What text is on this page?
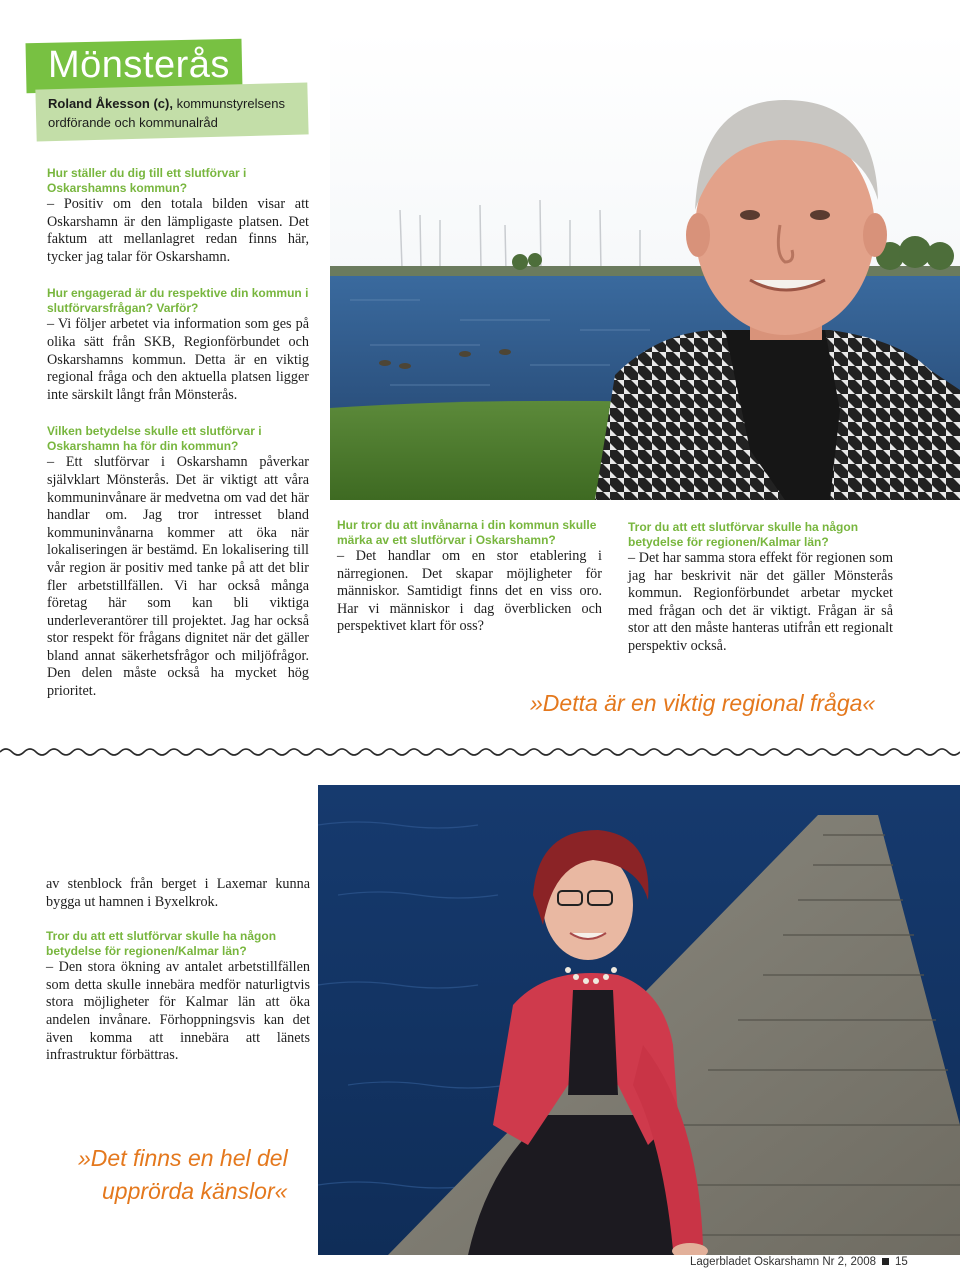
Mönsterås
Roland Åkesson (c), kommunstyrelsens
ordförande och kommunalråd

Hur ställer du dig till ett slutförvar i Oskarshamns kommun?

– Positiv om den totala bilden visar att Oskarshamn är den lämpligaste platsen. Det faktum att mellanlagret redan finns här, tycker jag talar för Oskarshamn.

Hur engagerad är du respektive din kommun i slutförvarsfrågan? Varför?

– Vi följer arbetet via information som ges på olika sätt från SKB, Regionförbundet och Oskarshamns kommun. Detta är en viktig regional fråga och den aktuella platsen ligger inte särskilt långt från Mönsterås.

Vilken betydelse skulle ett slutförvar i Oskarshamn ha för din kommun?

– Ett slutförvar i Oskarshamn påverkar självklart Mönsterås. Det är viktigt att våra kommuninvånare är medvetna om vad det här handlar om. Jag tror intresset bland kommuninvånarna kommer att öka när lokaliseringen är bestämd. En lokalisering till vår region är positiv med tanke på att det blir fler arbetstillfällen. Vi har också många företag här som kan bli viktiga underleverantörer till projektet. Jag har också stor respekt för frågans dignitet när det gäller bland annat säkerhetsfrågor och miljöfrågor. Den delen måste också ha mycket hög prioritet.

Hur tror du att invånarna i din kommun skulle märka av ett slutförvar i Oskarshamn?

– Det handlar om en stor etablering i närregionen. Det skapar möjligheter för människor. Samtidigt finns det en viss oro. Har vi människor i dag överblicken och perspektivet klart för oss?

Tror du att ett slutförvar skulle ha någon betydelse för regionen/Kalmar län?

– Det har samma stora effekt för regionen som jag har beskrivit när det gäller Mönsterås kommun. Regionförbundet arbetar mycket med frågan och det är viktigt. Frågan är så stor att den måste hanteras utifrån ett regionalt perspektiv också.

»Detta är en viktig regional fråga«

av stenblock från berget i Laxemar kunna bygga ut hamnen i Byxelkrok.

Tror du att ett slutförvar skulle ha någon betydelse för regionen/Kalmar län?

– Den stora ökning av antalet arbetstillfällen som detta skulle innebära medför naturligtvis stora möjligheter för Kalmar län att öka andelen invånare. Förhoppningsvis kan det även komma att innebära att länets infrastruktur förbättras.

»Det finns en hel del
upprörda känslor«
Lagerbladet Oskarshamn Nr 2, 2008 15
